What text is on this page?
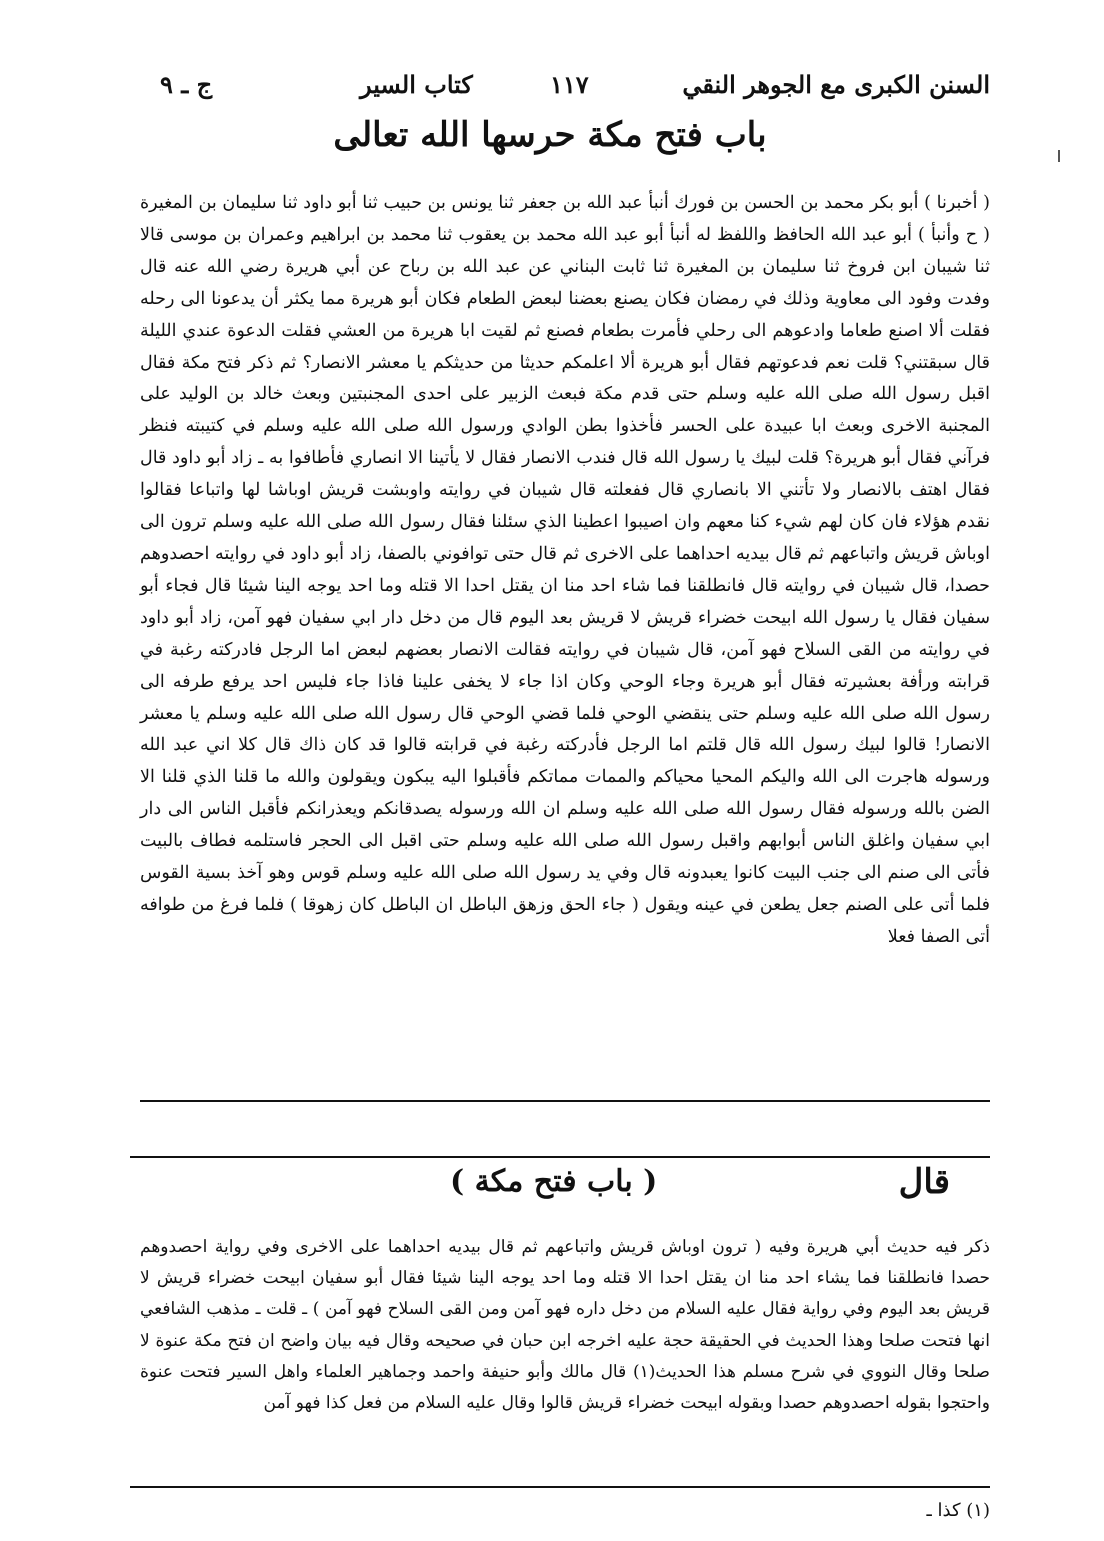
السنن الكبرى مع الجوهر النقي
١١٧
كتاب السير
ج ـ ٩
باب فتح مكة حرسها الله تعالى

( أخبرنا ) أبو بكر محمد بن الحسن بن فورك أنبأ عبد الله بن جعفر ثنا يونس بن حبيب ثنا أبو داود ثنا سليمان بن المغيرة ( ح وأنبأ ) أبو عبد الله الحافظ واللفظ له أنبأ أبو عبد الله محمد بن يعقوب ثنا محمد بن ابراهيم وعمران بن موسى قالا ثنا شيبان ابن فروخ ثنا سليمان بن المغيرة ثنا ثابت البناني عن عبد الله بن رباح عن أبي هريرة رضي الله عنه قال وفدت وفود الى معاوية وذلك في رمضان فكان يصنع بعضنا لبعض الطعام فكان أبو هريرة مما يكثر أن يدعونا الى رحله فقلت ألا اصنع طعاما وادعوهم الى رحلي فأمرت بطعام فصنع ثم لقيت ابا هريرة من العشي فقلت الدعوة عندي الليلة قال سبقتني؟ قلت نعم فدعوتهم فقال أبو هريرة ألا اعلمكم حديثا من حديثكم يا معشر الانصار؟ ثم ذكر فتح مكة فقال اقبل رسول الله صلى الله عليه وسلم حتى قدم مكة فبعث الزبير على احدى المجنبتين وبعث خالد بن الوليد على المجنبة الاخرى وبعث ابا عبيدة على الحسر فأخذوا بطن الوادي ورسول الله صلى الله عليه وسلم في كتيبته فنظر فرآني فقال أبو هريرة؟ قلت لبيك يا رسول الله قال فندب الانصار فقال لا يأتينا الا انصاري فأطافوا به ـ زاد أبو داود قال فقال اهتف بالانصار ولا تأتني الا بانصاري قال ففعلته قال شيبان في روايته واوبشت قريش اوباشا لها واتباعا فقالوا نقدم هؤلاء فان كان لهم شيء كنا معهم وان اصيبوا اعطينا الذي سئلنا فقال رسول الله صلى الله عليه وسلم ترون الى اوباش قريش واتباعهم ثم قال بيديه احداهما على الاخرى ثم قال حتى توافوني بالصفا، زاد أبو داود في روايته احصدوهم حصدا، قال شيبان في روايته قال فانطلقنا فما شاء احد منا ان يقتل احدا الا قتله وما احد يوجه الينا شيئا قال فجاء أبو سفيان فقال يا رسول الله ابيحت خضراء قريش لا قريش بعد اليوم قال من دخل دار ابي سفيان فهو آمن، زاد أبو داود في روايته من القى السلاح فهو آمن، قال شيبان في روايته فقالت الانصار بعضهم لبعض اما الرجل فادركته رغبة في قرابته ورأفة بعشيرته فقال أبو هريرة وجاء الوحي وكان اذا جاء لا يخفى علينا فاذا جاء فليس احد يرفع طرفه الى رسول الله صلى الله عليه وسلم حتى ينقضي الوحي فلما قضي الوحي قال رسول الله صلى الله عليه وسلم يا معشر الانصار! قالوا لبيك رسول الله قال قلتم اما الرجل فأدركته رغبة في قرابته قالوا قد كان ذاك قال كلا اني عبد الله ورسوله هاجرت الى الله واليكم المحيا محياكم والممات مماتكم فأقبلوا اليه يبكون ويقولون والله ما قلنا الذي قلنا الا الضن بالله ورسوله فقال رسول الله صلى الله عليه وسلم ان الله ورسوله يصدقانكم ويعذرانكم فأقبل الناس الى دار ابي سفيان واغلق الناس أبوابهم واقبل رسول الله صلى الله عليه وسلم حتى اقبل الى الحجر فاستلمه فطاف بالبيت فأتى الى صنم الى جنب البيت كانوا يعبدونه قال وفي يد رسول الله صلى الله عليه وسلم قوس وهو آخذ بسية القوس فلما أتى على الصنم جعل يطعن في عينه ويقول ( جاء الحق وزهق الباطل ان الباطل كان زهوقا ) فلما فرغ من طوافه أتى الصفا فعلا

قال
( باب فتح مكة )

ذكر فيه حديث أبي هريرة وفيه ( ترون اوباش قريش واتباعهم ثم قال بيديه احداهما على الاخرى وفي رواية احصدوهم حصدا فانطلقنا فما يشاء احد منا ان يقتل احدا الا قتله وما احد يوجه الينا شيئا فقال أبو سفيان ابيحت خضراء قريش لا قريش بعد اليوم وفي رواية فقال عليه السلام من دخل داره فهو آمن ومن القى السلاح فهو آمن ) ـ قلت ـ مذهب الشافعي انها فتحت صلحا وهذا الحديث في الحقيقة حجة عليه اخرجه ابن حبان في صحيحه وقال فيه بيان واضح ان فتح مكة عنوة لا صلحا وقال النووي في شرح مسلم هذا الحديث(١) قال مالك وأبو حنيفة واحمد وجماهير العلماء واهل السير فتحت عنوة واحتجوا بقوله احصدوهم حصدا وبقوله ابيحت خضراء قريش قالوا وقال عليه السلام من فعل كذا فهو آمن

(١) كذا ـ
